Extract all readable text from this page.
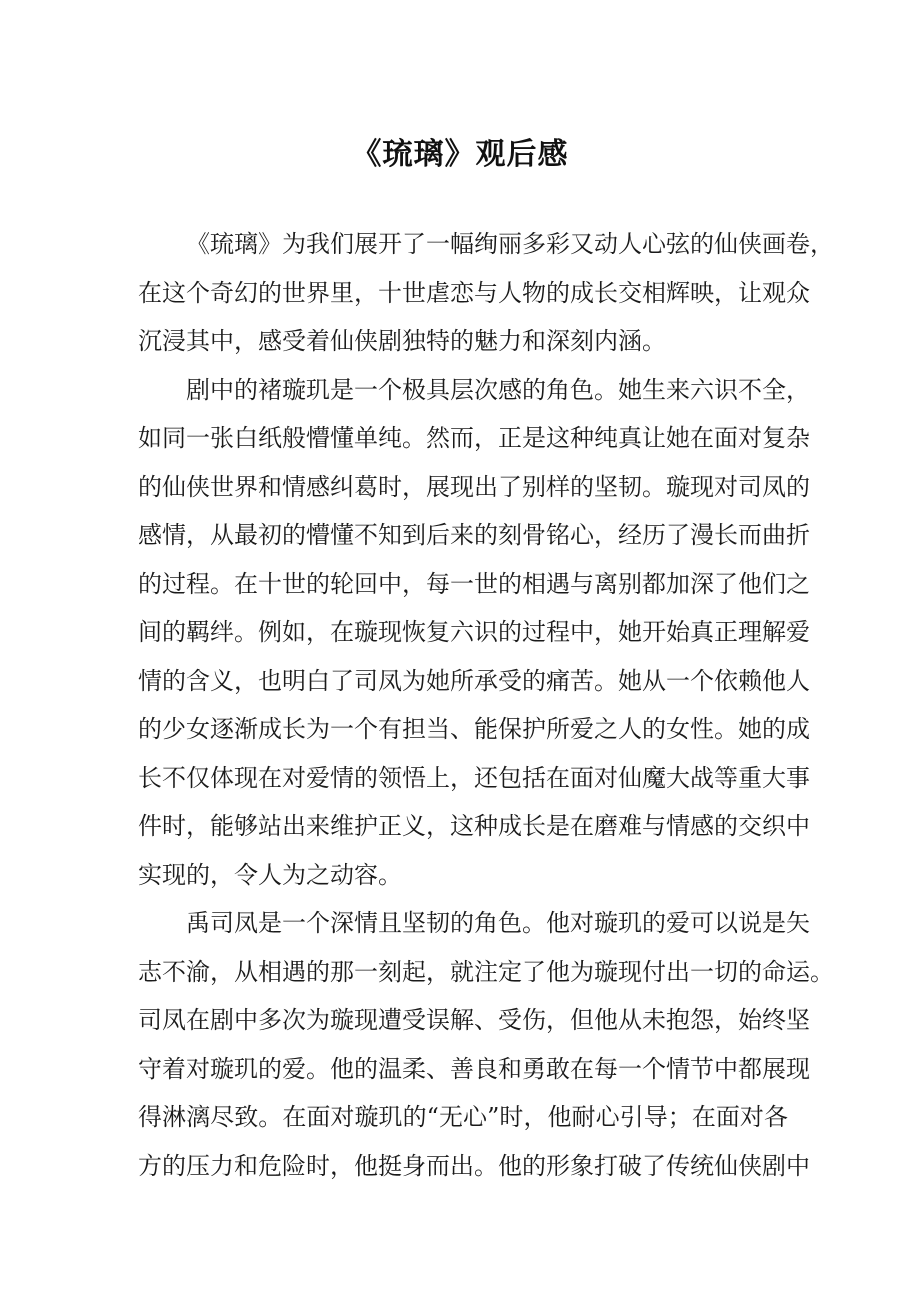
《琉璃》观后感
《琉璃》为我们展开了一幅绚丽多彩又动人心弦的仙侠画卷，
在这个奇幻的世界里，十世虐恋与人物的成长交相辉映，让观众
沉浸其中，感受着仙侠剧独特的魅力和深刻内涵。
剧中的褚璇玑是一个极具层次感的角色。她生来六识不全，
如同一张白纸般懵懂单纯。然而，正是这种纯真让她在面对复杂
的仙侠世界和情感纠葛时，展现出了别样的坚韧。璇现对司凤的
感情，从最初的懵懂不知到后来的刻骨铭心，经历了漫长而曲折
的过程。在十世的轮回中，每一世的相遇与离别都加深了他们之
间的羁绊。例如，在璇现恢复六识的过程中，她开始真正理解爱
情的含义，也明白了司凤为她所承受的痛苦。她从一个依赖他人
的少女逐渐成长为一个有担当、能保护所爱之人的女性。她的成
长不仅体现在对爱情的领悟上，还包括在面对仙魔大战等重大事
件时，能够站出来维护正义，这种成长是在磨难与情感的交织中
实现的，令人为之动容。
禹司凤是一个深情且坚韧的角色。他对璇玑的爱可以说是矢
志不渝，从相遇的那一刻起，就注定了他为璇现付出一切的命运。
司凤在剧中多次为璇现遭受误解、受伤，但他从未抱怨，始终坚
守着对璇玑的爱。他的温柔、善良和勇敢在每一个情节中都展现
得淋漓尽致。在面对璇玑的“无心”时，他耐心引导；在面对各
方的压力和危险时，他挺身而出。他的形象打破了传统仙侠剧中
